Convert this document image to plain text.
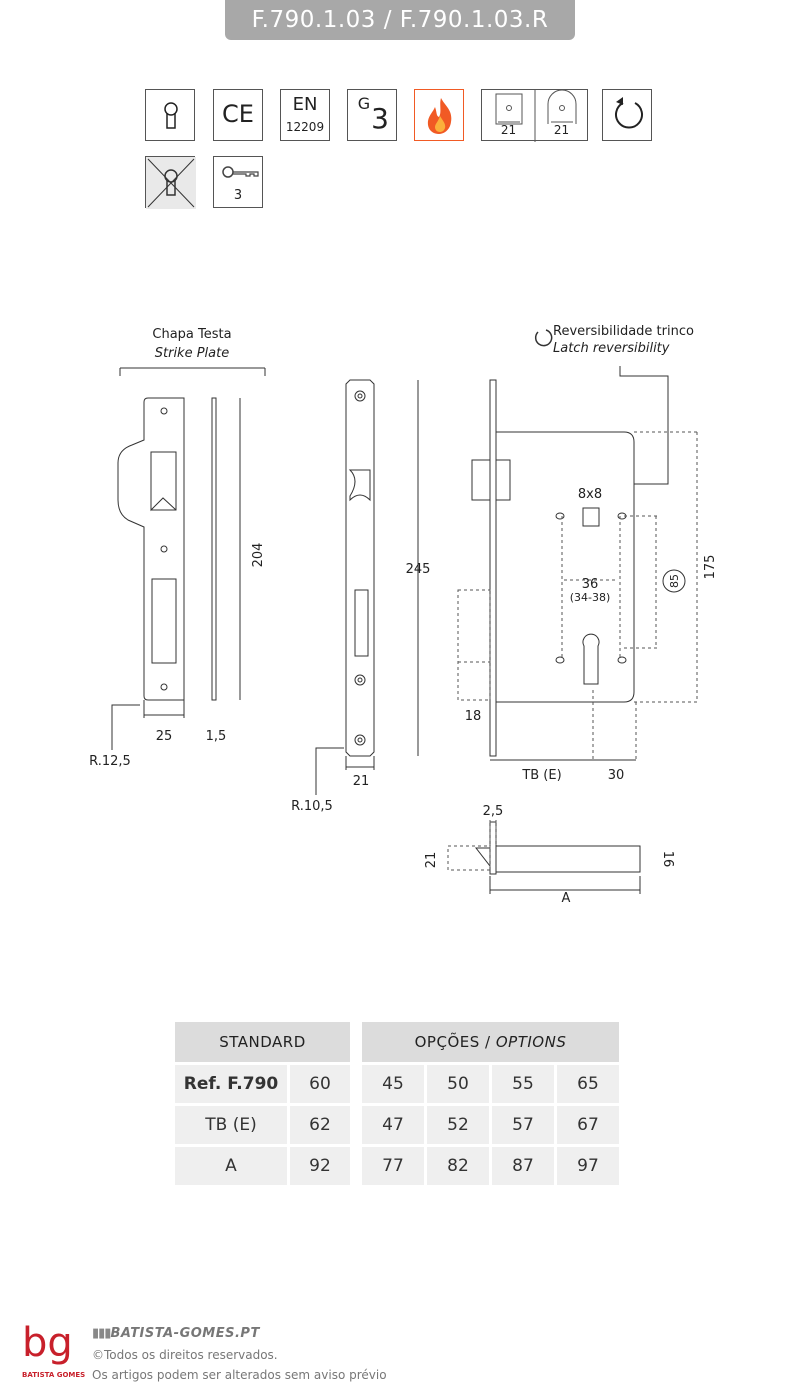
F.790.1.03 / F.790.1.03.R
CE	EN
12209
G 3	21	21
3
Chapa Testa
Strike Plate
204
25	1,5
R.12,5
245
21
R.10,5
Reversibilidade trinco
Latch reversibility
8x8
36
(34-38)
85
175
18
TB (E)	30
2,5
21	16
A
STANDARD	OPÇÕES / OPTIONS
Ref. F.790	60	45	50	55	65
TB (E)	62	47	52	57	67
A	92	77	82	87	97
bg
BATISTA GOMES
▮▮▮BATISTA-GOMES.PT
©Todos os direitos reservados.
Os artigos podem ser alterados sem aviso prévio
